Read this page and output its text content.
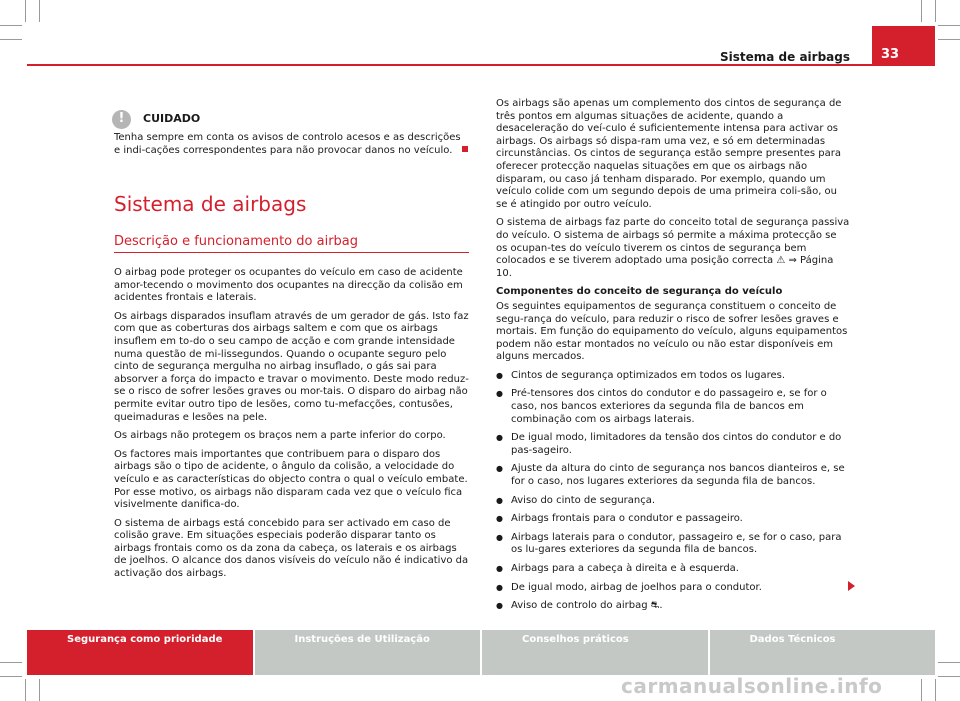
Sistema de airbags	33
!	CUIDADO

Tenha sempre em conta os avisos de controlo acesos e as descrições e indi-cações correspondentes para não provocar danos no veículo.

Sistema de airbags
Descrição e funcionamento do airbag

O airbag pode proteger os ocupantes do veículo em caso de acidente amor-tecendo o movimento dos ocupantes na direcção da colisão em acidentes frontais e laterais.

Os airbags disparados insuflam através de um gerador de gás. Isto faz com que as coberturas dos airbags saltem e com que os airbags insuflem em to-do o seu campo de acção e com grande intensidade numa questão de mi-lissegundos. Quando o ocupante seguro pelo cinto de segurança mergulha no airbag insuflado, o gás sai para absorver a força do impacto e travar o movimento. Deste modo reduz-se o risco de sofrer lesões graves ou mor-tais. O disparo do airbag não permite evitar outro tipo de lesões, como tu-mefacções, contusões, queimaduras e lesões na pele.

Os airbags não protegem os braços nem a parte inferior do corpo.

Os factores mais importantes que contribuem para o disparo dos airbags são o tipo de acidente, o ângulo da colisão, a velocidade do veículo e as características do objecto contra o qual o veículo embate. Por esse motivo, os airbags não disparam cada vez que o veículo fica visivelmente danifica-do.

O sistema de airbags está concebido para ser activado em caso de colisão grave. Em situações especiais poderão disparar tanto os airbags frontais como os da zona da cabeça, os laterais e os airbags de joelhos. O alcance dos danos visíveis do veículo não é indicativo da activação dos airbags.

Os airbags são apenas um complemento dos cintos de segurança de três pontos em algumas situações de acidente, quando a desaceleração do veí-culo é suficientemente intensa para activar os airbags. Os airbags só dispa-ram uma vez, e só em determinadas circunstâncias. Os cintos de segurança estão sempre presentes para oferecer protecção naquelas situações em que os airbags não disparam, ou caso já tenham disparado. Por exemplo, quando um veículo colide com um segundo depois de uma primeira coli-são, ou se é atingido por outro veículo.

O sistema de airbags faz parte do conceito total de segurança passiva do veículo. O sistema de airbags só permite a máxima protecção se os ocupan-tes do veículo tiverem os cintos de segurança bem colocados e se tiverem adoptado uma posição correcta ⚠ ⇒ Página 10.

Componentes do conceito de segurança do veículo

Os seguintes equipamentos de segurança constituem o conceito de segu-rança do veículo, para reduzir o risco de sofrer lesões graves e mortais. Em função do equipamento do veículo, alguns equipamentos podem não estar montados no veículo ou não estar disponíveis em alguns mercados.

● Cintos de segurança optimizados em todos os lugares.
● Pré-tensores dos cintos do condutor e do passageiro e, se for o caso, nos bancos exteriores da segunda fila de bancos em combinação com os airbags laterais.
● De igual modo, limitadores da tensão dos cintos do condutor e do pas-sageiro.
● Ajuste da altura do cinto de segurança nos bancos dianteiros e, se for o caso, nos lugares exteriores da segunda fila de bancos.
● Aviso do cinto de segurança.
● Airbags frontais para o condutor e passageiro.
● Airbags laterais para o condutor, passageiro e, se for o caso, para os lu-gares exteriores da segunda fila de bancos.
● Airbags para a cabeça à direita e à esquerda.
● De igual modo, airbag de joelhos para o condutor.
● Aviso de controlo do airbag ⛐.
Segurança como prioridade	Instruções de Utilização	Conselhos práticos	Dados Técnicos
carmanualsonline.info
